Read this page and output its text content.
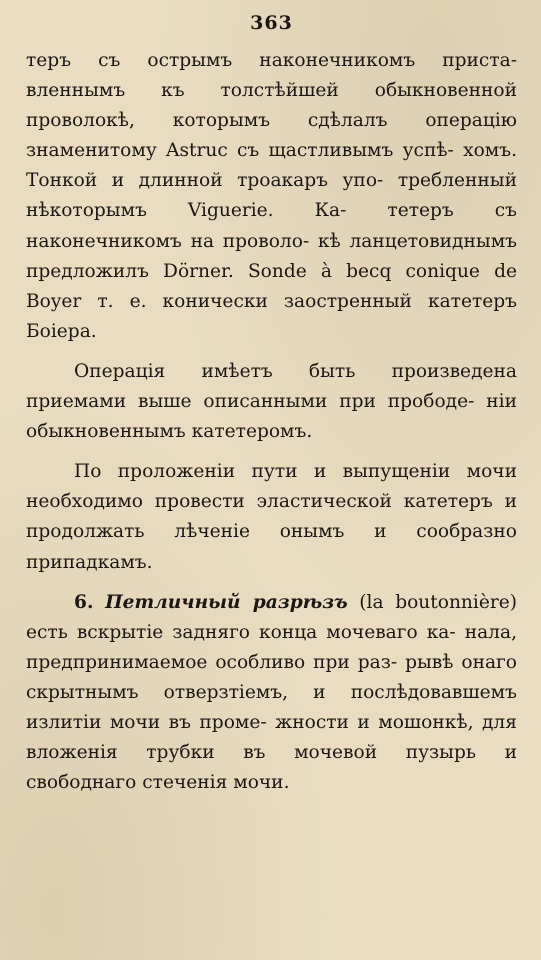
363

теръ съ острымъ наконечникомъ приста- вленнымъ къ толстѣйшей обыкновенной проволокѣ, которымъ сдѣлалъ операцію знаменитому Astruc съ щастливымъ успѣ- хомъ. Тонкой и длинной троакаръ упо- требленный нѣкоторымъ Viguerie. Ка- тетеръ съ наконечникомъ на проволо- кѣ ланцетовиднымъ предложилъ Dörner. Sonde à becq conique de Boyer т. е. конически заостренный катетеръ Боіера.

Операція имѣетъ быть произведена приемами выше описанными при прободе- ніи обыкновеннымъ катетеромъ.

По проложеніи пути и выпущеніи мочи необходимо провести эластической катетеръ и продолжать лѣченіе онымъ и сообразно припадкамъ.

6. Петличный разрѣзъ (la boutonnière) есть вскрытіе задняго конца мочеваго ка- нала, предпринимаемое особливо при раз- рывѣ онаго скрытнымъ отверзтіемъ, и послѣдовавшемъ излитіи мочи въ проме- жности и мошонкѣ, для вложенія трубки въ мочевой пузырь и свободнаго стеченія мочи.
